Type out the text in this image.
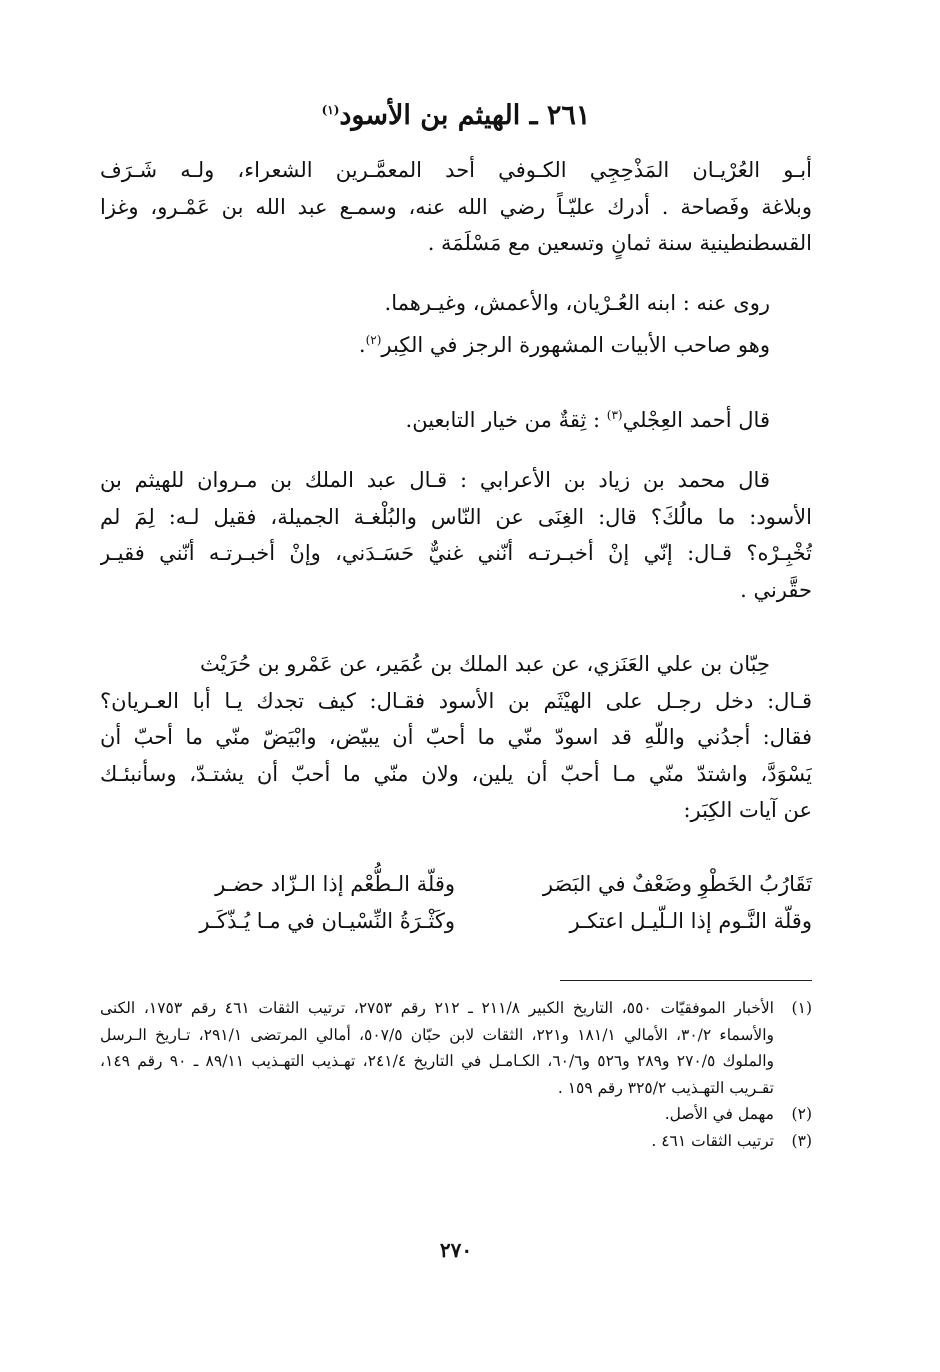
٢٦١ ـ الهيثم بن الأسود$^{(١)}$
أبـو العُرْيـان المَذْحِجِي الكـوفي أحد المعمَّـرين الشعراء، ولـه شَـرَف
وبلاغة وفَصاحة . أدرك عليّـاً رضي الله عنه، وسمـع عبد الله بن عَمْـرو، وغزا
القسطنطينية سنة ثمانٍ وتسعين مع مَسْلَمَة .
روى عنه : ابنه العُـرْيان، والأعمش، وغيـرهما.
وهو صاحب الأبيات المشهورة الرجز في الكِبر$^{(٢)}$.
قال أحمد العِجْلي$^{(٣)}$ : ثِقةٌ من خيار التابعين.
قال محمد بن زياد بن الأعرابي : قـال عبد الملك بن مـروان للهيثم بن
الأسود: ما مالُكَ؟ قال: الغِنَى عن النّاس والبُلْغـة الجميلة، فقيل لـه: لِمَ لم
تُخْبِـرْه؟ قـال: إنّي إنْ أخبـرتـه أنّني غنيٌّ حَسَـدَني، وإنْ أخبـرتـه أنّني فقيـر
حقَّرني .
حِبّان بن علي العَنَزي، عن عبد الملك بن عُمَير، عن عَمْرو بن حُرَيْث
قـال: دخل رجـل على الهيْثَم بن الأسود فقـال: كيف تجدك يـا أبا العـريان؟
فقال: أجدُني واللّهِ قد اسودّ منّي ما أحبّ أن يبيّض، وابْيَضّ منّي ما أحبّ أن
يَسْوَدَّ، واشتدّ منّي مـا أحبّ أن يلين، ولان منّي ما أحبّ أن يشتـدّ، وسأنبئـك
عن آيات الكِبَر:
تَقَارُبُ الخَطْوِ وضَعْفٌ في البَصَر
وقلّة الـطُّعْم إذا الـزّاد حضـر
وقلّة النَّـوم إذا الـلّيـل اعتكـر
وكَثْـرَةُ النِّسْيـان في مـا يُـذّكَـر
(١)
الأخبار الموفقيّات ٥٥٠، التاريخ الكبير ٢١١/٨ ـ ٢١٢ رقم ٢٧٥٣، ترتيب الثقات ٤٦١ رقم ١٧٥٣، الكنى والأسماء ٣٠/٢، الأمالي ١٨١/١ و٢٢١، الثقات لابن حبّان ٥٠٧/٥، أمالي المرتضى ٢٩١/١، تـاريخ الـرسل والملوك ٢٧٠/٥ و٢٨٩ و٥٢٦ و٦٠/٦، الكـامـل في التاريخ ٢٤١/٤، تهـذيب التهـذيب ٨٩/١١ ـ ٩٠ رقم ١٤٩، تقـريب التهـذيب ٣٢٥/٢ رقم ١٥٩ .
(٢)
مهمل في الأصل.
(٣)
ترتيب الثقات ٤٦١ .
٢٧٠
